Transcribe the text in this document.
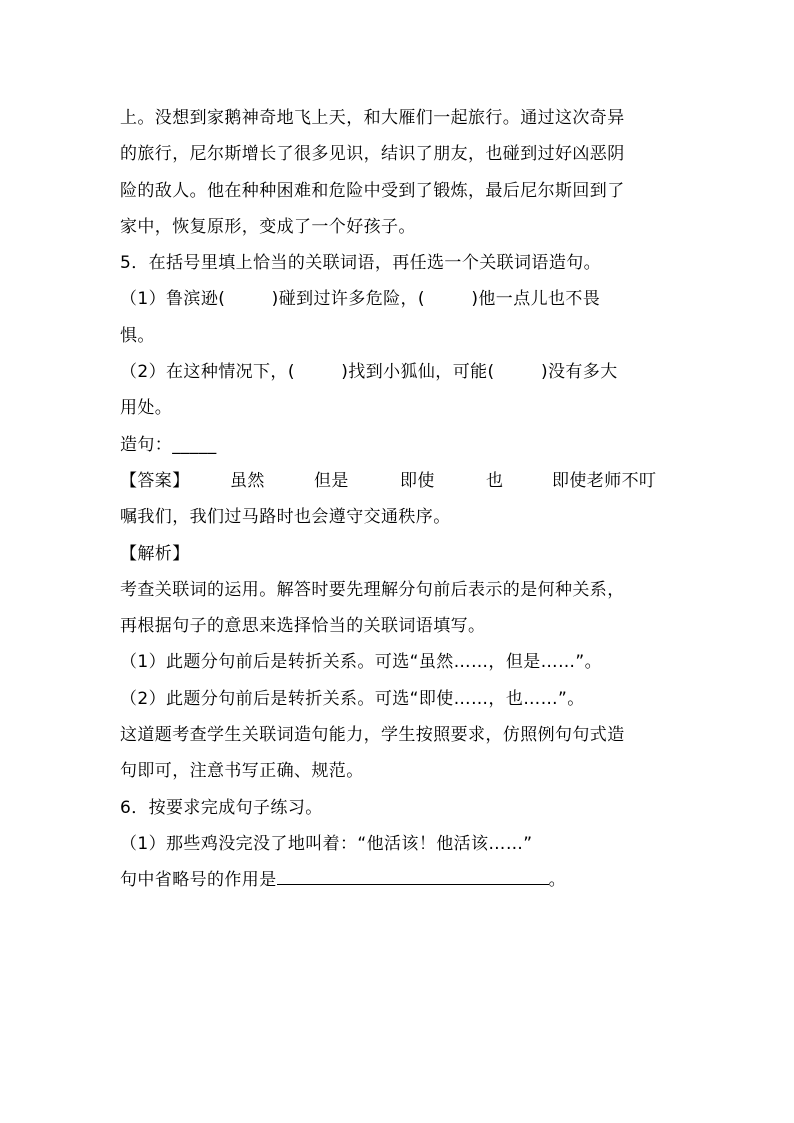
上。没想到家鹅神奇地飞上天，和大雁们一起旅行。通过这次奇异
的旅行，尼尔斯增长了很多见识，结识了朋友，也碰到过好凶恶阴
险的敌人。他在种种困难和危险中受到了锻炼，最后尼尔斯回到了
家中，恢复原形，变成了一个好孩子。
5．在括号里填上恰当的关联词语，再任选一个关联词语造句。
（1）鲁滨逊(        )碰到过许多危险，(        )他一点儿也不畏
惧。
（2）在这种情况下，(        )找到小狐仙，可能(        )没有多大
用处。
造句：_____
【答案】 虽然	但是	即使	也	即使老师不叮
嘱我们，我们过马路时也会遵守交通秩序。
【解析】
考查关联词的运用。解答时要先理解分句前后表示的是何种关系，
再根据句子的意思来选择恰当的关联词语填写。
（1）此题分句前后是转折关系。可选“虽然……，但是……”。
（2）此题分句前后是转折关系。可选“即使……，也……”。
这道题考查学生关联词造句能力，学生按照要求，仿照例句句式造
句即可，注意书写正确、规范。
6．按要求完成句子练习。
（1）那些鸡没完没了地叫着：“他活该！他活该……”
句中省略号的作用是	。
